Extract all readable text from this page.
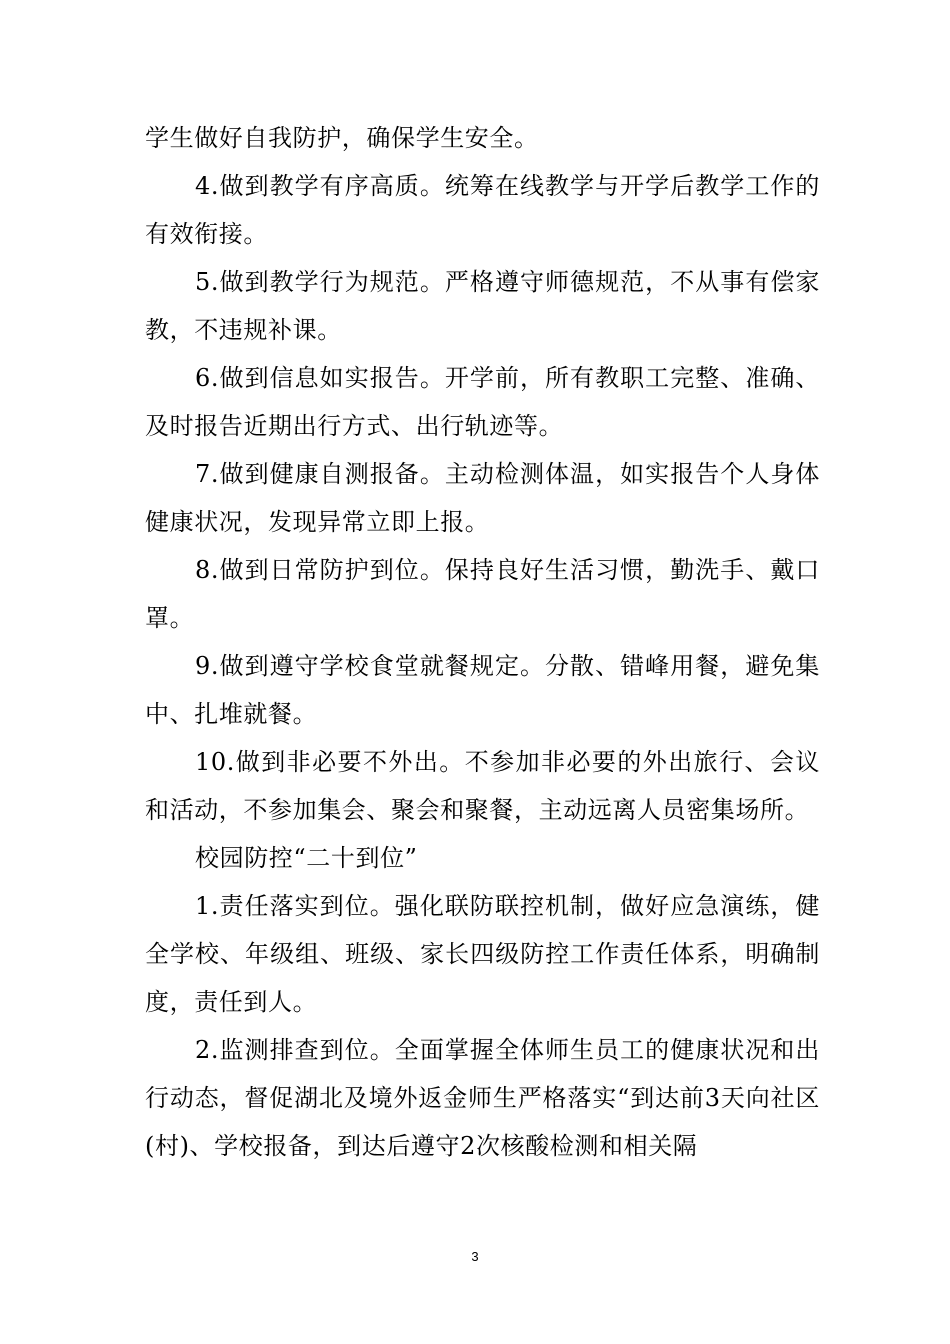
学生做好自我防护，确保学生安全。

4.做到教学有序高质。统筹在线教学与开学后教学工作的有效衔接。

5.做到教学行为规范。严格遵守师德规范，不从事有偿家教，不违规补课。

6.做到信息如实报告。开学前，所有教职工完整、准确、及时报告近期出行方式、出行轨迹等。

7.做到健康自测报备。主动检测体温，如实报告个人身体健康状况，发现异常立即上报。

8.做到日常防护到位。保持良好生活习惯，勤洗手、戴口罩。

9.做到遵守学校食堂就餐规定。分散、错峰用餐，避免集中、扎堆就餐。

10.做到非必要不外出。不参加非必要的外出旅行、会议和活动，不参加集会、聚会和聚餐，主动远离人员密集场所。

校园防控“二十到位”

1.责任落实到位。强化联防联控机制，做好应急演练，健全学校、年级组、班级、家长四级防控工作责任体系，明确制度，责任到人。

2.监测排查到位。全面掌握全体师生员工的健康状况和出行动态，督促湖北及境外返金师生严格落实“到达前3天向社区(村)、学校报备，到达后遵守2次核酸检测和相关隔

3
